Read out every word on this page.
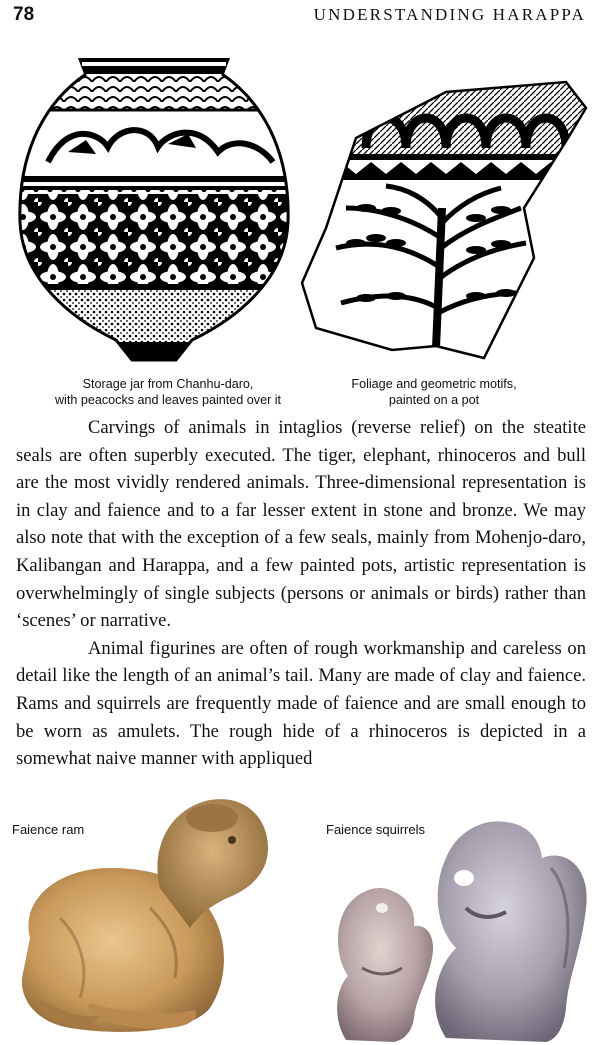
78	UNDERSTANDING HARAPPA
Storage jar from Chanhu-daro,
with peacocks and leaves painted over it
Foliage and geometric motifs,
painted on a pot

Carvings of animals in intaglios (reverse relief) on the steatite seals are often superbly executed. The tiger, elephant, rhinoceros and bull are the most vividly rendered animals. Three-dimensional representation is in clay and faience and to a far lesser extent in stone and bronze. We may also note that with the exception of a few seals, mainly from Mohenjo-daro, Kalibangan and Harappa, and a few painted pots, artistic representation is overwhelmingly of single subjects (persons or animals or birds) rather than ‘scenes’ or narrative.

Animal figurines are often of rough workmanship and careless on detail like the length of an animal’s tail. Many are made of clay and faience. Rams and squirrels are frequently made of faience and are small enough to be worn as amulets. The rough hide of a rhinoceros is depicted in a somewhat naive manner with appliqued

Faience ram	Faience squirrels
